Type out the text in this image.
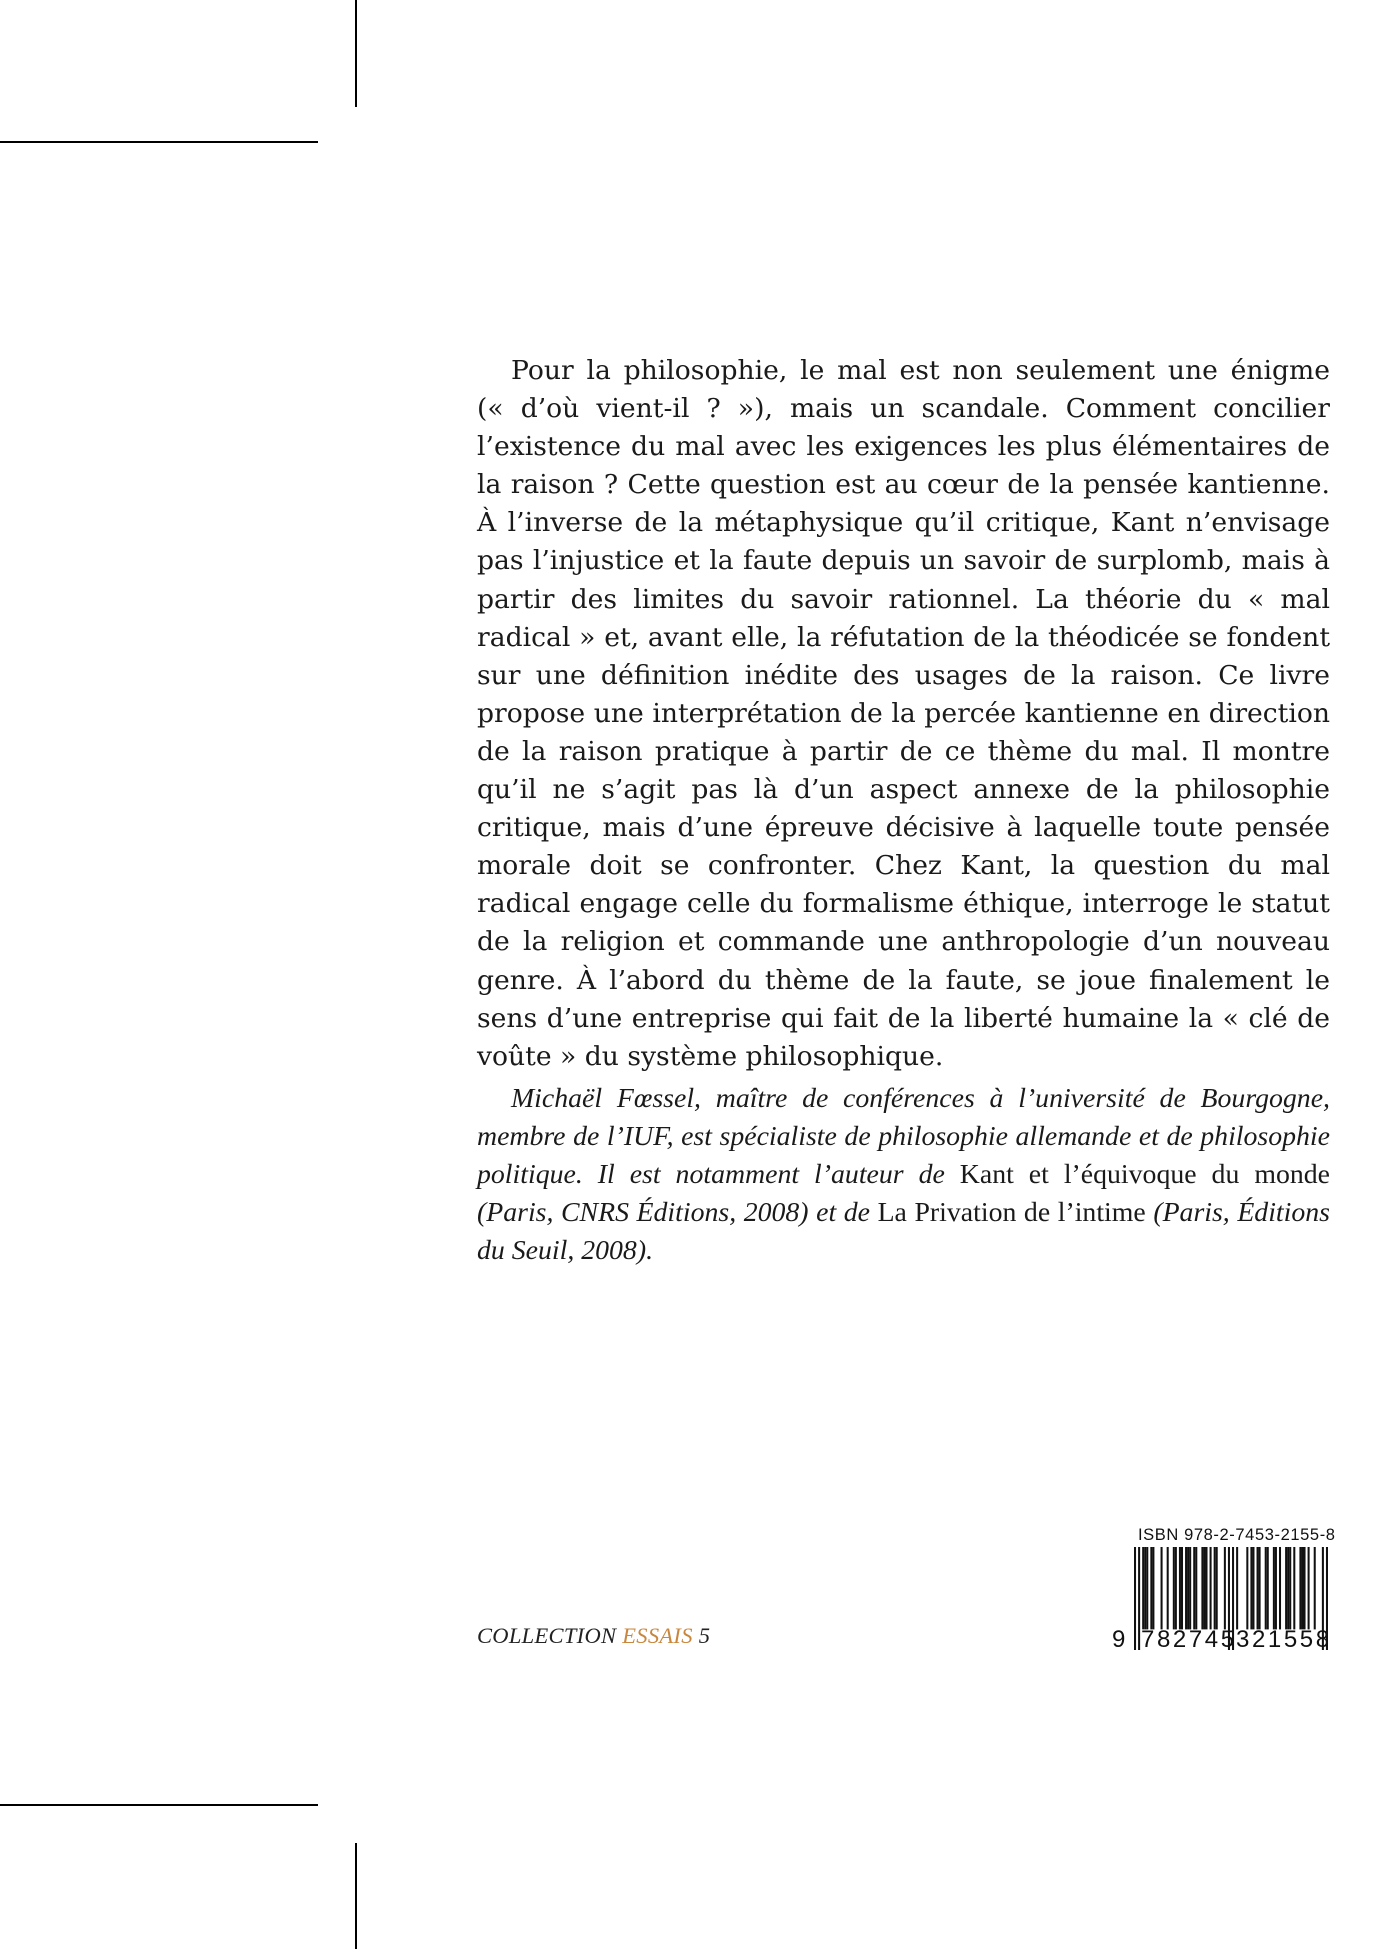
Pour la philosophie, le mal est non seulement une énigme (« d’où vient-il ? »), mais un scandale. Comment concilier l’existence du mal avec les exigences les plus élémentaires de la raison ? Cette question est au cœur de la pensée kantienne. À l’inverse de la métaphysique qu’il critique, Kant n’envisage pas l’injustice et la faute depuis un savoir de surplomb, mais à partir des limites du savoir rationnel. La théorie du « mal radical » et, avant elle, la réfutation de la théodicée se fondent sur une définition inédite des usages de la raison. Ce livre propose une interprétation de la percée kantienne en direction de la raison pratique à partir de ce thème du mal. Il montre qu’il ne s’agit pas là d’un aspect annexe de la philosophie critique, mais d’une épreuve décisive à laquelle toute pensée morale doit se confronter. Chez Kant, la question du mal radical engage celle du formalisme éthique, interroge le statut de la religion et commande une anthropologie d’un nouveau genre. À l’abord du thème de la faute, se joue finalement le sens d’une entreprise qui fait de la liberté humaine la « clé de voûte » du système philosophique.

Michaël Fœssel, maître de conférences à l’université de Bourgogne, membre de l’IUF, est spécialiste de philosophie allemande et de philosophie politique. Il est notamment l’auteur de Kant et l’équivoque du monde (Paris, CNRS Éditions, 2008) et de La Privation de l’intime (Paris, Éditions du Seuil, 2008).

COLLECTION ESSAIS 5
ISBN 978-2-7453-2155-8
9 782745 321558
